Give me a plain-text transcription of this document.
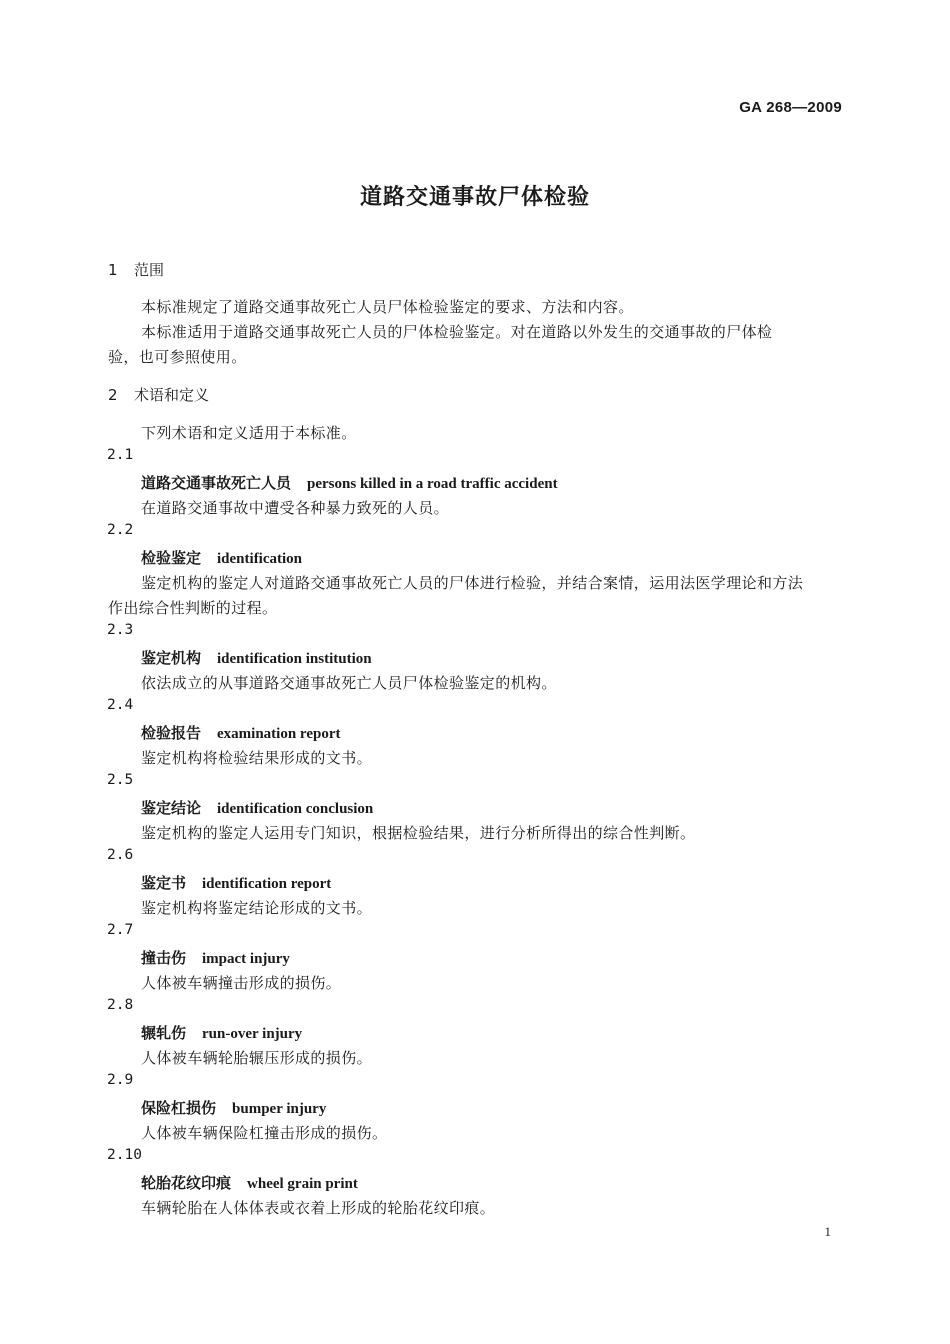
GA 268—2009
道路交通事故尸体检验
1 范围
本标准规定了道路交通事故死亡人员尸体检验鉴定的要求、方法和内容。
本标准适用于道路交通事故死亡人员的尸体检验鉴定。对在道路以外发生的交通事故的尸体检
验，也可参照使用。
2 术语和定义
下列术语和定义适用于本标准。
2.1
道路交通事故死亡人员 persons killed in a road traffic accident
在道路交通事故中遭受各种暴力致死的人员。
2.2
检验鉴定 identification
鉴定机构的鉴定人对道路交通事故死亡人员的尸体进行检验，并结合案情，运用法医学理论和方法
作出综合性判断的过程。
2.3
鉴定机构 identification institution
依法成立的从事道路交通事故死亡人员尸体检验鉴定的机构。
2.4
检验报告 examination report
鉴定机构将检验结果形成的文书。
2.5
鉴定结论 identification conclusion
鉴定机构的鉴定人运用专门知识，根据检验结果，进行分析所得出的综合性判断。
2.6
鉴定书 identification report
鉴定机构将鉴定结论形成的文书。
2.7
撞击伤 impact injury
人体被车辆撞击形成的损伤。
2.8
辗轧伤 run-over injury
人体被车辆轮胎辗压形成的损伤。
2.9
保险杠损伤 bumper injury
人体被车辆保险杠撞击形成的损伤。
2.10
轮胎花纹印痕 wheel grain print
车辆轮胎在人体体表或衣着上形成的轮胎花纹印痕。
1
